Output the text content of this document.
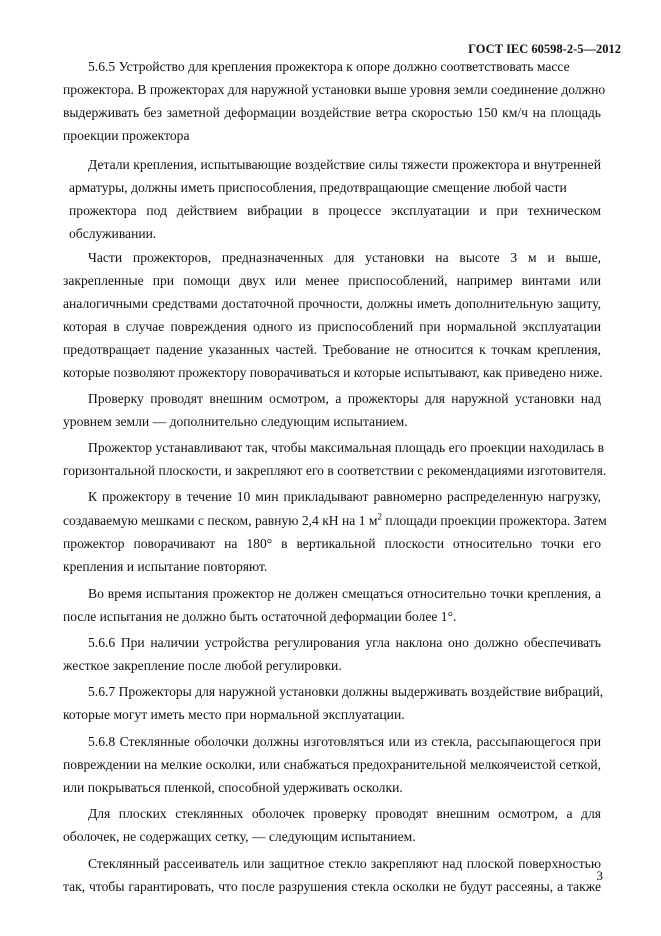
ГОСТ IEC 60598-2-5—2012
5.6.5 Устройство для крепления прожектора к опоре должно соответствовать массе
прожектора. В прожекторах для наружной установки выше уровня земли соединение должно
выдерживать без заметной деформации воздействие ветра скоростью 150 км/ч на площадь
проекции прожектора
Детали крепления, испытывающие воздействие силы тяжести прожектора и внутренней
арматуры, должны иметь приспособления, предотвращающие смещение любой части
прожектора под действием вибрации в процессе эксплуатации и при техническом
обслуживании.
Части прожекторов, предназначенных для установки на высоте 3 м и выше,
закрепленные при помощи двух или менее приспособлений, например винтами или
аналогичными средствами достаточной прочности, должны иметь дополнительную защиту,
которая в случае повреждения одного из приспособлений при нормальной эксплуатации
предотвращает падение указанных частей. Требование не относится к точкам крепления,
которые позволяют прожектору поворачиваться и которые испытывают, как приведено ниже.
Проверку проводят внешним осмотром, а прожекторы для наружной установки над
уровнем земли — дополнительно следующим испытанием.
Прожектор устанавливают так, чтобы максимальная площадь его проекции находилась в
горизонтальной плоскости, и закрепляют его в соответствии с рекомендациями изготовителя.
К прожектору в течение 10 мин прикладывают равномерно распределенную нагрузку,
создаваемую мешками с песком, равную 2,4 кН на 1 $м^2$ площади проекции прожектора. Затем
прожектор поворачивают на 180° в вертикальной плоскости относительно точки его
крепления и испытание повторяют.
Во время испытания прожектор не должен смещаться относительно точки крепления, а
после испытания не должно быть остаточной деформации более 1°.
5.6.6 При наличии устройства регулирования угла наклона оно должно обеспечивать
жесткое закрепление после любой регулировки.
5.6.7 Прожекторы для наружной установки должны выдерживать воздействие вибраций,
которые могут иметь место при нормальной эксплуатации.
5.6.8 Стеклянные оболочки должны изготовляться или из стекла, рассыпающегося при
повреждении на мелкие осколки, или снабжаться предохранительной мелкоячеистой сеткой,
или покрываться пленкой, способной удерживать осколки.
Для плоских стеклянных оболочек проверку проводят внешним осмотром, а для
оболочек, не содержащих сетку, — следующим испытанием.
Стеклянный рассеиватель или защитное стекло закрепляют над плоской поверхностью
так, чтобы гарантировать, что после разрушения стекла осколки не будут рассеяны, а также
3
